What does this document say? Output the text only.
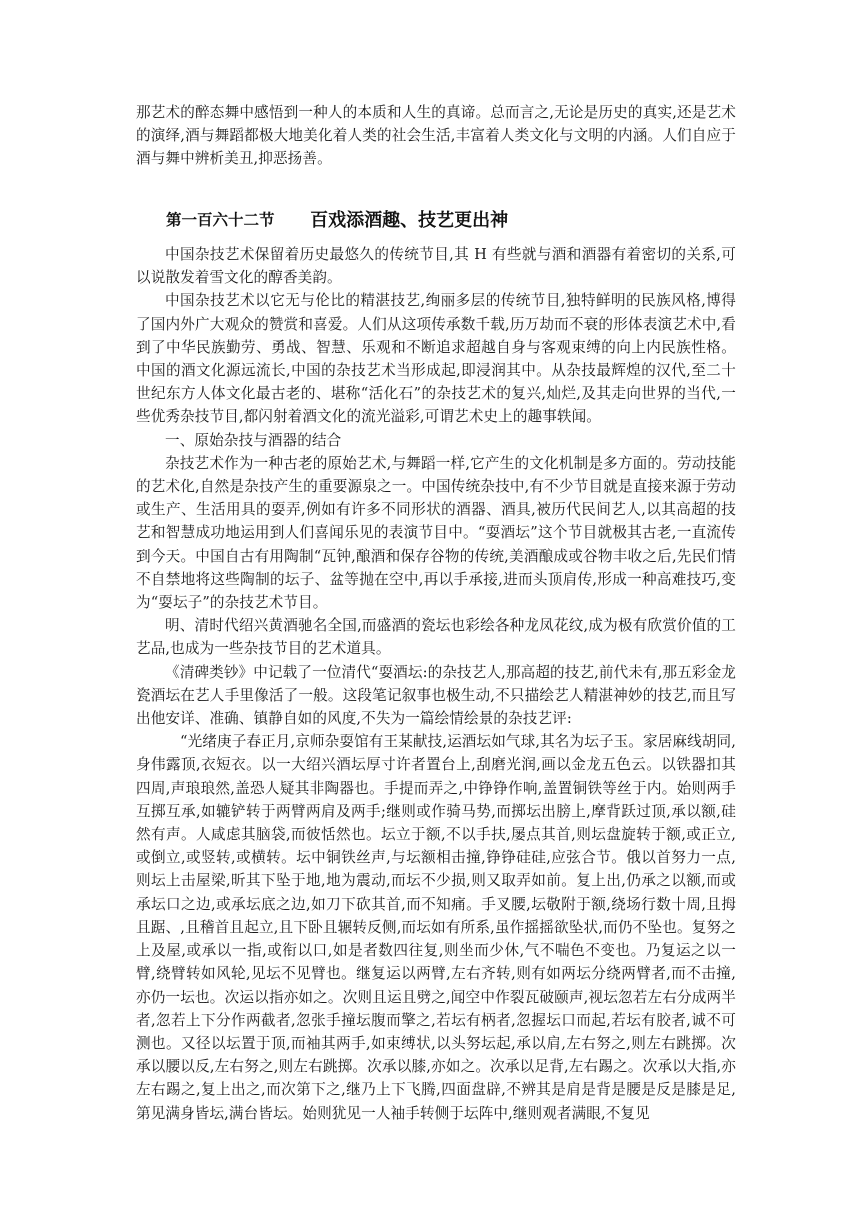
那艺术的醉态舞中感悟到一种人的本质和人生的真谛。总而言之,无论是历史的真实,还是艺术的演绎,酒与舞蹈都极大地美化着人类的社会生活,丰富着人类文化与文明的内涵。人们自应于酒与舞中辨析美丑,抑恶扬善。

第一百六十二节 百戏添酒趣、技艺更出神

中国杂技艺术保留着历史最悠久的传统节目,其 H 有些就与酒和酒器有着密切的关系,可以说散发着雪文化的醇香美韵。

中国杂技艺术以它无与伦比的精湛技艺,绚丽多层的传统节目,独特鲜明的民族风格,博得了国内外广大观众的赞赏和喜爱。人们从这项传承数千载,历万劫而不衰的形体表演艺术中,看到了中华民族勤劳、勇战、智慧、乐观和不断追求超越自身与客观束缚的向上内民族性格。中国的酒文化源远流长,中国的杂技艺术当形成起,即浸润其中。从杂技最辉煌的汉代,至二十世纪东方人体文化最古老的、堪称“活化石”的杂技艺术的复兴,灿烂,及其走向世界的当代,一些优秀杂技节目,都闪射着酒文化的流光溢彩,可谓艺术史上的趣事轶闻。

一、原始杂技与酒器的结合

杂技艺术作为一种古老的原始艺术,与舞蹈一样,它产生的文化机制是多方面的。劳动技能的艺术化,自然是杂技产生的重要源泉之一。中国传统杂技中,有不少节目就是直接来源于劳动或生产、生活用具的耍弄,例如有许多不同形状的酒器、酒具,被历代民间艺人,以其高超的技艺和智慧成功地运用到人们喜闻乐见的表演节目中。“耍酒坛”这个节目就极其古老,一直流传到今天。中国自古有用陶制“瓦钟,酿酒和保存谷物的传统,美酒酿成或谷物丰收之后,先民们情不自禁地将这些陶制的坛子、盆等抛在空中,再以手承接,进而头顶肩传,形成一种高难技巧,变为“耍坛子”的杂技艺术节目。

明、清时代绍兴黄酒驰名全国,而盛酒的瓷坛也彩绘各种龙凤花纹,成为极有欣赏价值的工艺品,也成为一些杂技节目的艺术道具。

《清碑类钞》中记载了一位清代“耍酒坛:的杂技艺人,那高超的技艺,前代未有,那五彩金龙瓷酒坛在艺人手里像活了一般。这段笔记叙事也极生动,不只描绘艺人精湛神妙的技艺,而且写出他安详、准确、镇静自如的风度,不失为一篇绘情绘景的杂技艺评:

“光绪庚子春正月,京师杂耍馆有王某献技,运酒坛如气球,其名为坛子玉。家居麻线胡同,身伟露顶,衣短衣。以一大绍兴酒坛厚寸许者置台上,刮磨光润,画以金龙五色云。以铁器扣其四周,声琅琅然,盖恐人疑其非陶器也。手提而弄之,中铮铮作响,盖置铜铁等丝于内。始则两手互掷互承,如辘铲转于两臂两肩及两手;继则或作骑马势,而掷坛出膀上,摩背跃过顶,承以额,硅然有声。人咸虑其脑袋,而彼恬然也。坛立于额,不以手扶,屡点其首,则坛盘旋转于额,或正立,或倒立,或竖转,或横转。坛中铜铁丝声,与坛额相击撞,铮铮硅硅,应弦合节。俄以首努力一点,则坛上击屋梁,昕其下坠于地,地为震动,而坛不少损,则又取弄如前。复上出,仍承之以额,而或承坛口之边,或承坛底之边,如刀下砍其首,而不知痛。手叉腰,坛敬附于额,绕场行数十周,且拇且踞、,且稽首且起立,且下卧且辗转反侧,而坛如有所系,虽作摇摇欲坠状,而仍不坠也。复努之上及屋,或承以一指,或衔以口,如是者数四往复,则坐而少休,气不喘色不变也。乃复运之以一臂,绕臂转如风轮,见坛不见臂也。继复运以两臂,左右齐转,则有如两坛分绕两臂者,而不击撞,亦仍一坛也。次运以指亦如之。次则且运且劈之,闻空中作裂瓦破颐声,视坛忽若左右分成两半者,忽若上下分作两截者,忽张手撞坛腹而擎之,若坛有柄者,忽握坛口而起,若坛有胶者,诚不可测也。又径以坛置于顶,而袖其两手,如束缚状,以头努坛起,承以肩,左右努之,则左右跳掷。次承以腰以反,左右努之,则左右跳掷。次承以膝,亦如之。次承以足背,左右踢之。次承以大指,亦左右踢之,复上出之,而次第下之,继乃上下飞腾,四面盘辟,不辨其是肩是背是腰是反是膝是足,第见满身皆坛,满台皆坛。始则犹见一人袖手转侧于坛阵中,继则观者满眼,不复见
